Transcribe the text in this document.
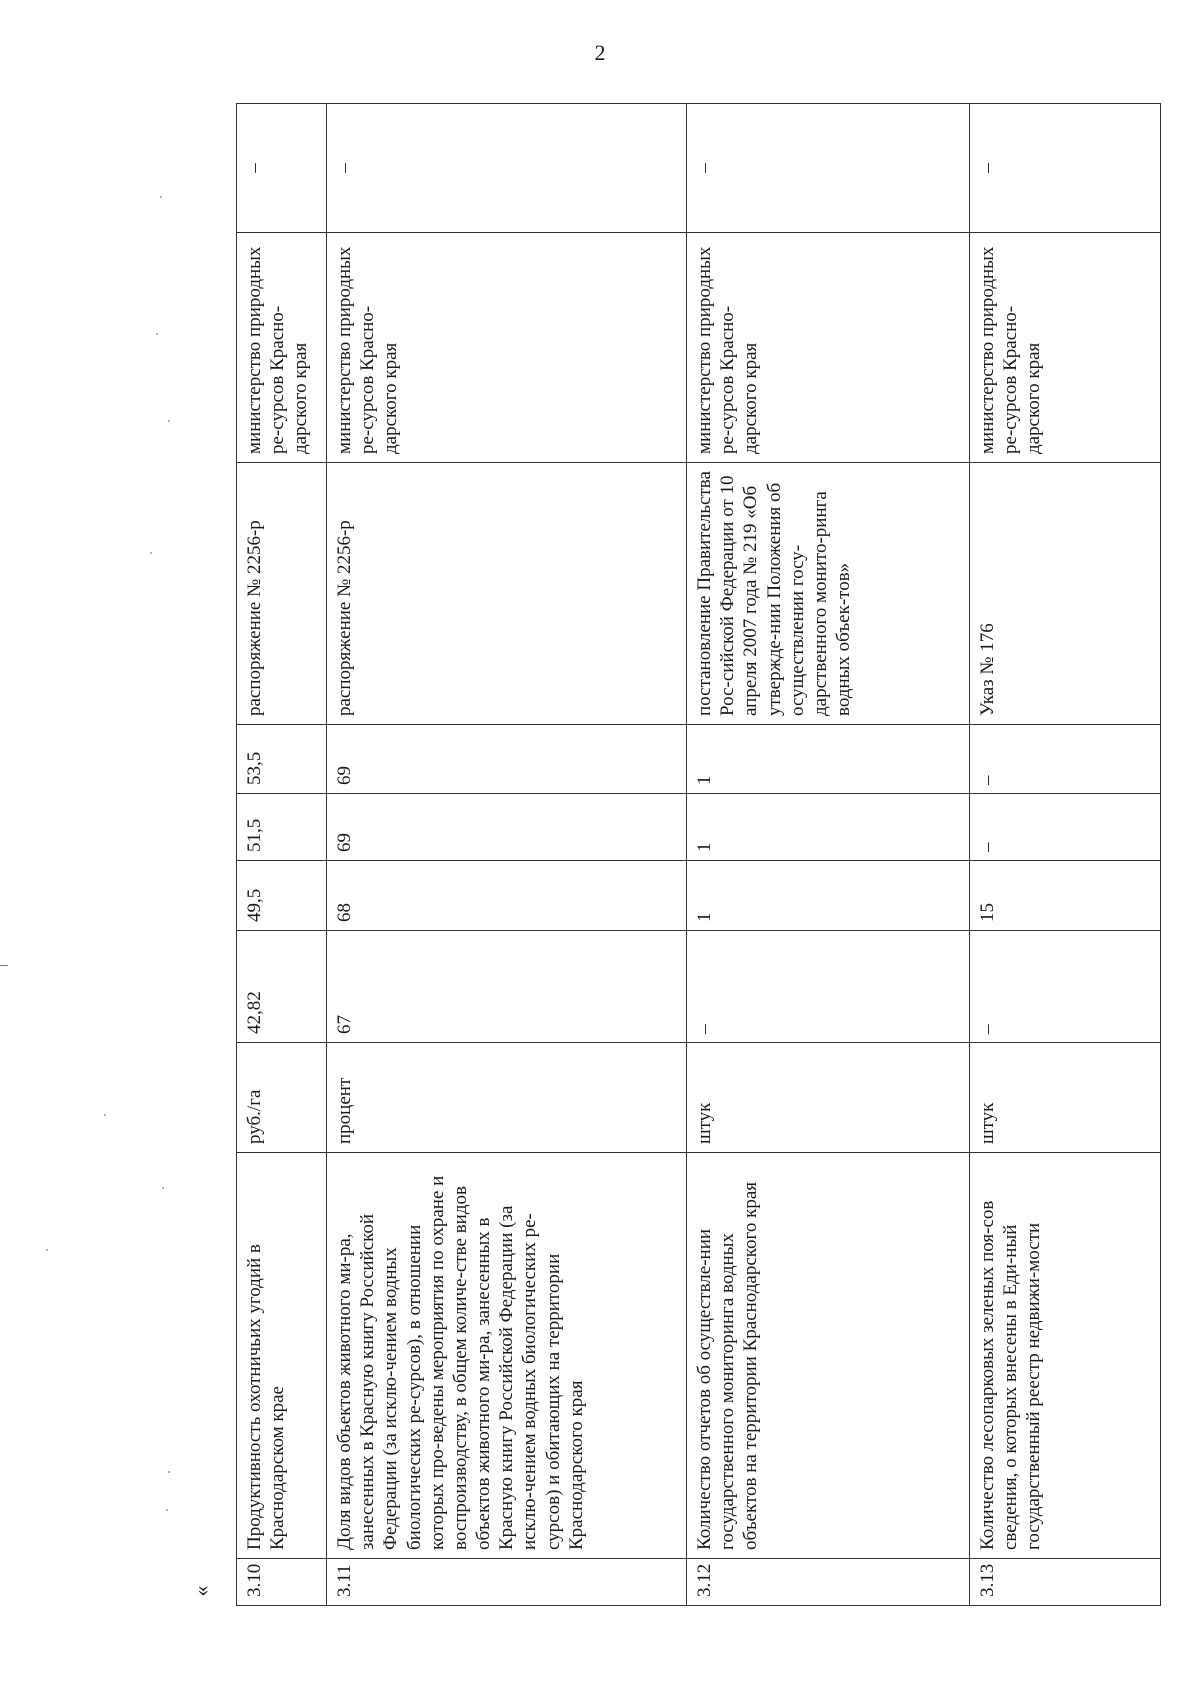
2
3.10	Продуктивность охотничьих угодий в Краснодарском крае	руб./га	42,82	49,5	51,5	53,5	распоряжение № 2256-р	министерство природных ре-сурсов Красно-дарского края	–
3.11	Доля видов объектов животного ми-ра, занесенных в Красную книгу Российской Федерации (за исклю-чением водных биологических ре-сурсов), в отношении которых про-ведены мероприятия по охране и воспроизводству, в общем количе-стве видов объектов животного ми-ра, занесенных в Красную книгу Российской Федерации (за исклю-чением водных биологических ре-сурсов) и обитающих на территории Краснодарского края	процент	67	68	69	69	распоряжение № 2256-р	министерство природных ре-сурсов Красно-дарского края	–
3.12	Количество отчетов об осуществле-нии государственного мониторинга водных объектов на территории Краснодарского края	штук	–	1	1	1	постановление Правительства Рос-сийской Федерации от 10 апреля 2007 года № 219 «Об утвержде-нии Положения об осуществлении госу-дарственного монито-ринга водных объек-тов»	министерство природных ре-сурсов Красно-дарского края	–
3.13	Количество лесопарковых зеленых поя-сов сведения, о которых внесены в Еди-ный государственный реестр недвижи-мости	штук	–	15	–	–	Указ № 176	министерство природных ре-сурсов Красно-дарского края	–
«
